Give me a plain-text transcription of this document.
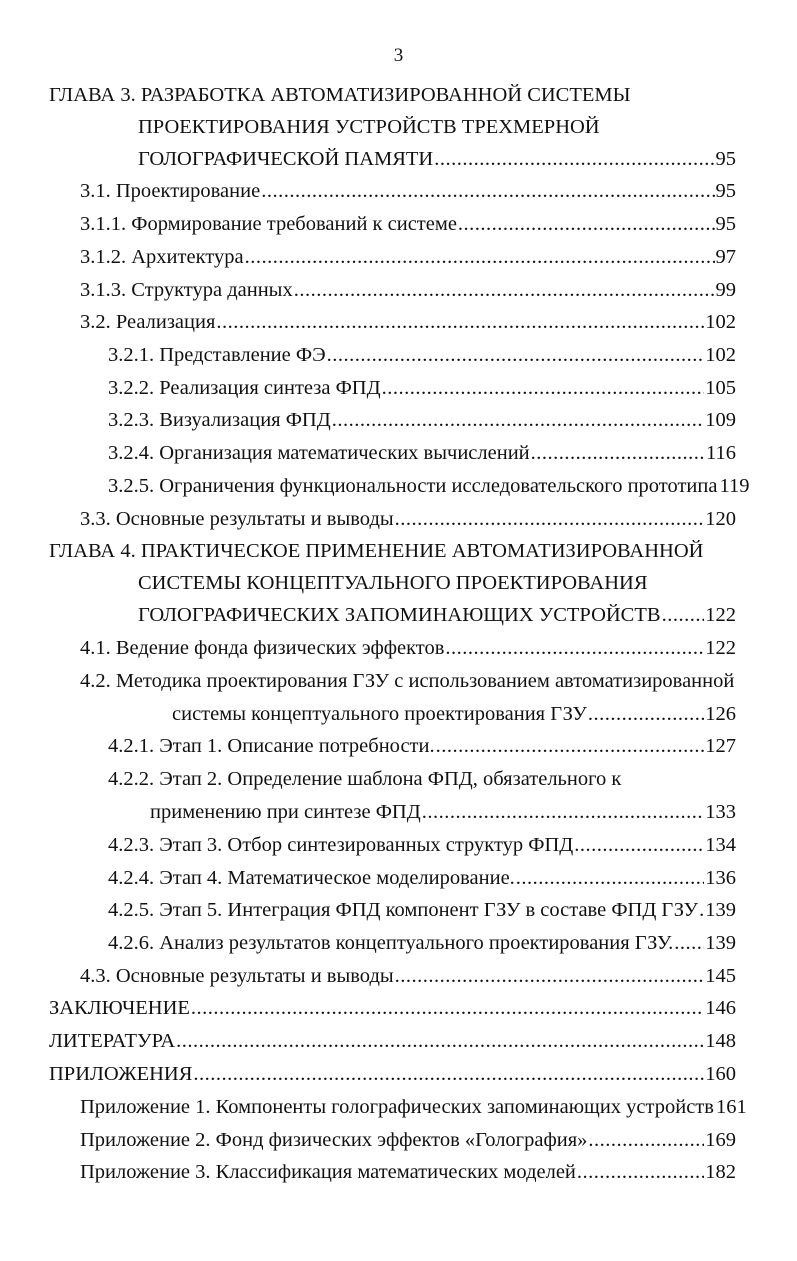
3
ГЛАВА 3. РАЗРАБОТКА АВТОМАТИЗИРОВАННОЙ СИСТЕМЫ
ПРОЕКТИРОВАНИЯ УСТРОЙСТВ ТРЕХМЕРНОЙ
ГОЛОГРАФИЧЕСКОЙ ПАМЯТИ .....	95
3.1. Проектирование .....	95
3.1.1. Формирование требований к системе .....	95
3.1.2. Архитектура .....	97
3.1.3. Структура данных .....	99
3.2. Реализация .....	102
3.2.1. Представление ФЭ .....	102
3.2.2. Реализация синтеза ФПД .....	105
3.2.3. Визуализация ФПД .....	109
3.2.4. Организация математических вычислений .....	116
3.2.5. Ограничения функциональности исследовательского прототипа 119
3.3. Основные результаты и выводы .....	120
ГЛАВА 4. ПРАКТИЧЕСКОЕ ПРИМЕНЕНИЕ АВТОМАТИЗИРОВАННОЙ
СИСТЕМЫ КОНЦЕПТУАЛЬНОГО ПРОЕКТИРОВАНИЯ
ГОЛОГРАФИЧЕСКИХ ЗАПОМИНАЮЩИХ УСТРОЙСТВ ..... 122
4.1. Ведение фонда физических эффектов .....	122
4.2. Методика проектирования ГЗУ с использованием автоматизированной
системы концептуального проектирования ГЗУ .....	126
4.2.1. Этап 1. Описание потребности. .....	127
4.2.2. Этап 2. Определение шаблона ФПД, обязательного к
применению при синтезе ФПД .....	133
4.2.3. Этап 3. Отбор синтезированных структур ФПД .....	134
4.2.4. Этап 4. Математическое моделирование. .....	136
4.2.5. Этап 5. Интеграция ФПД компонент ГЗУ в составе ФПД ГЗУ ..... 139
4.2.6. Анализ результатов концептуального проектирования ГЗУ. ..... 139
4.3. Основные результаты и выводы .....	145
ЗАКЛЮЧЕНИЕ .....	146
ЛИТЕРАТУРА .....	148
ПРИЛОЖЕНИЯ .....	160
Приложение 1. Компоненты голографических запоминающих устройств 161
Приложение 2. Фонд физических эффектов «Голография» .....	169
Приложение 3. Классификация математических моделей .....	182
